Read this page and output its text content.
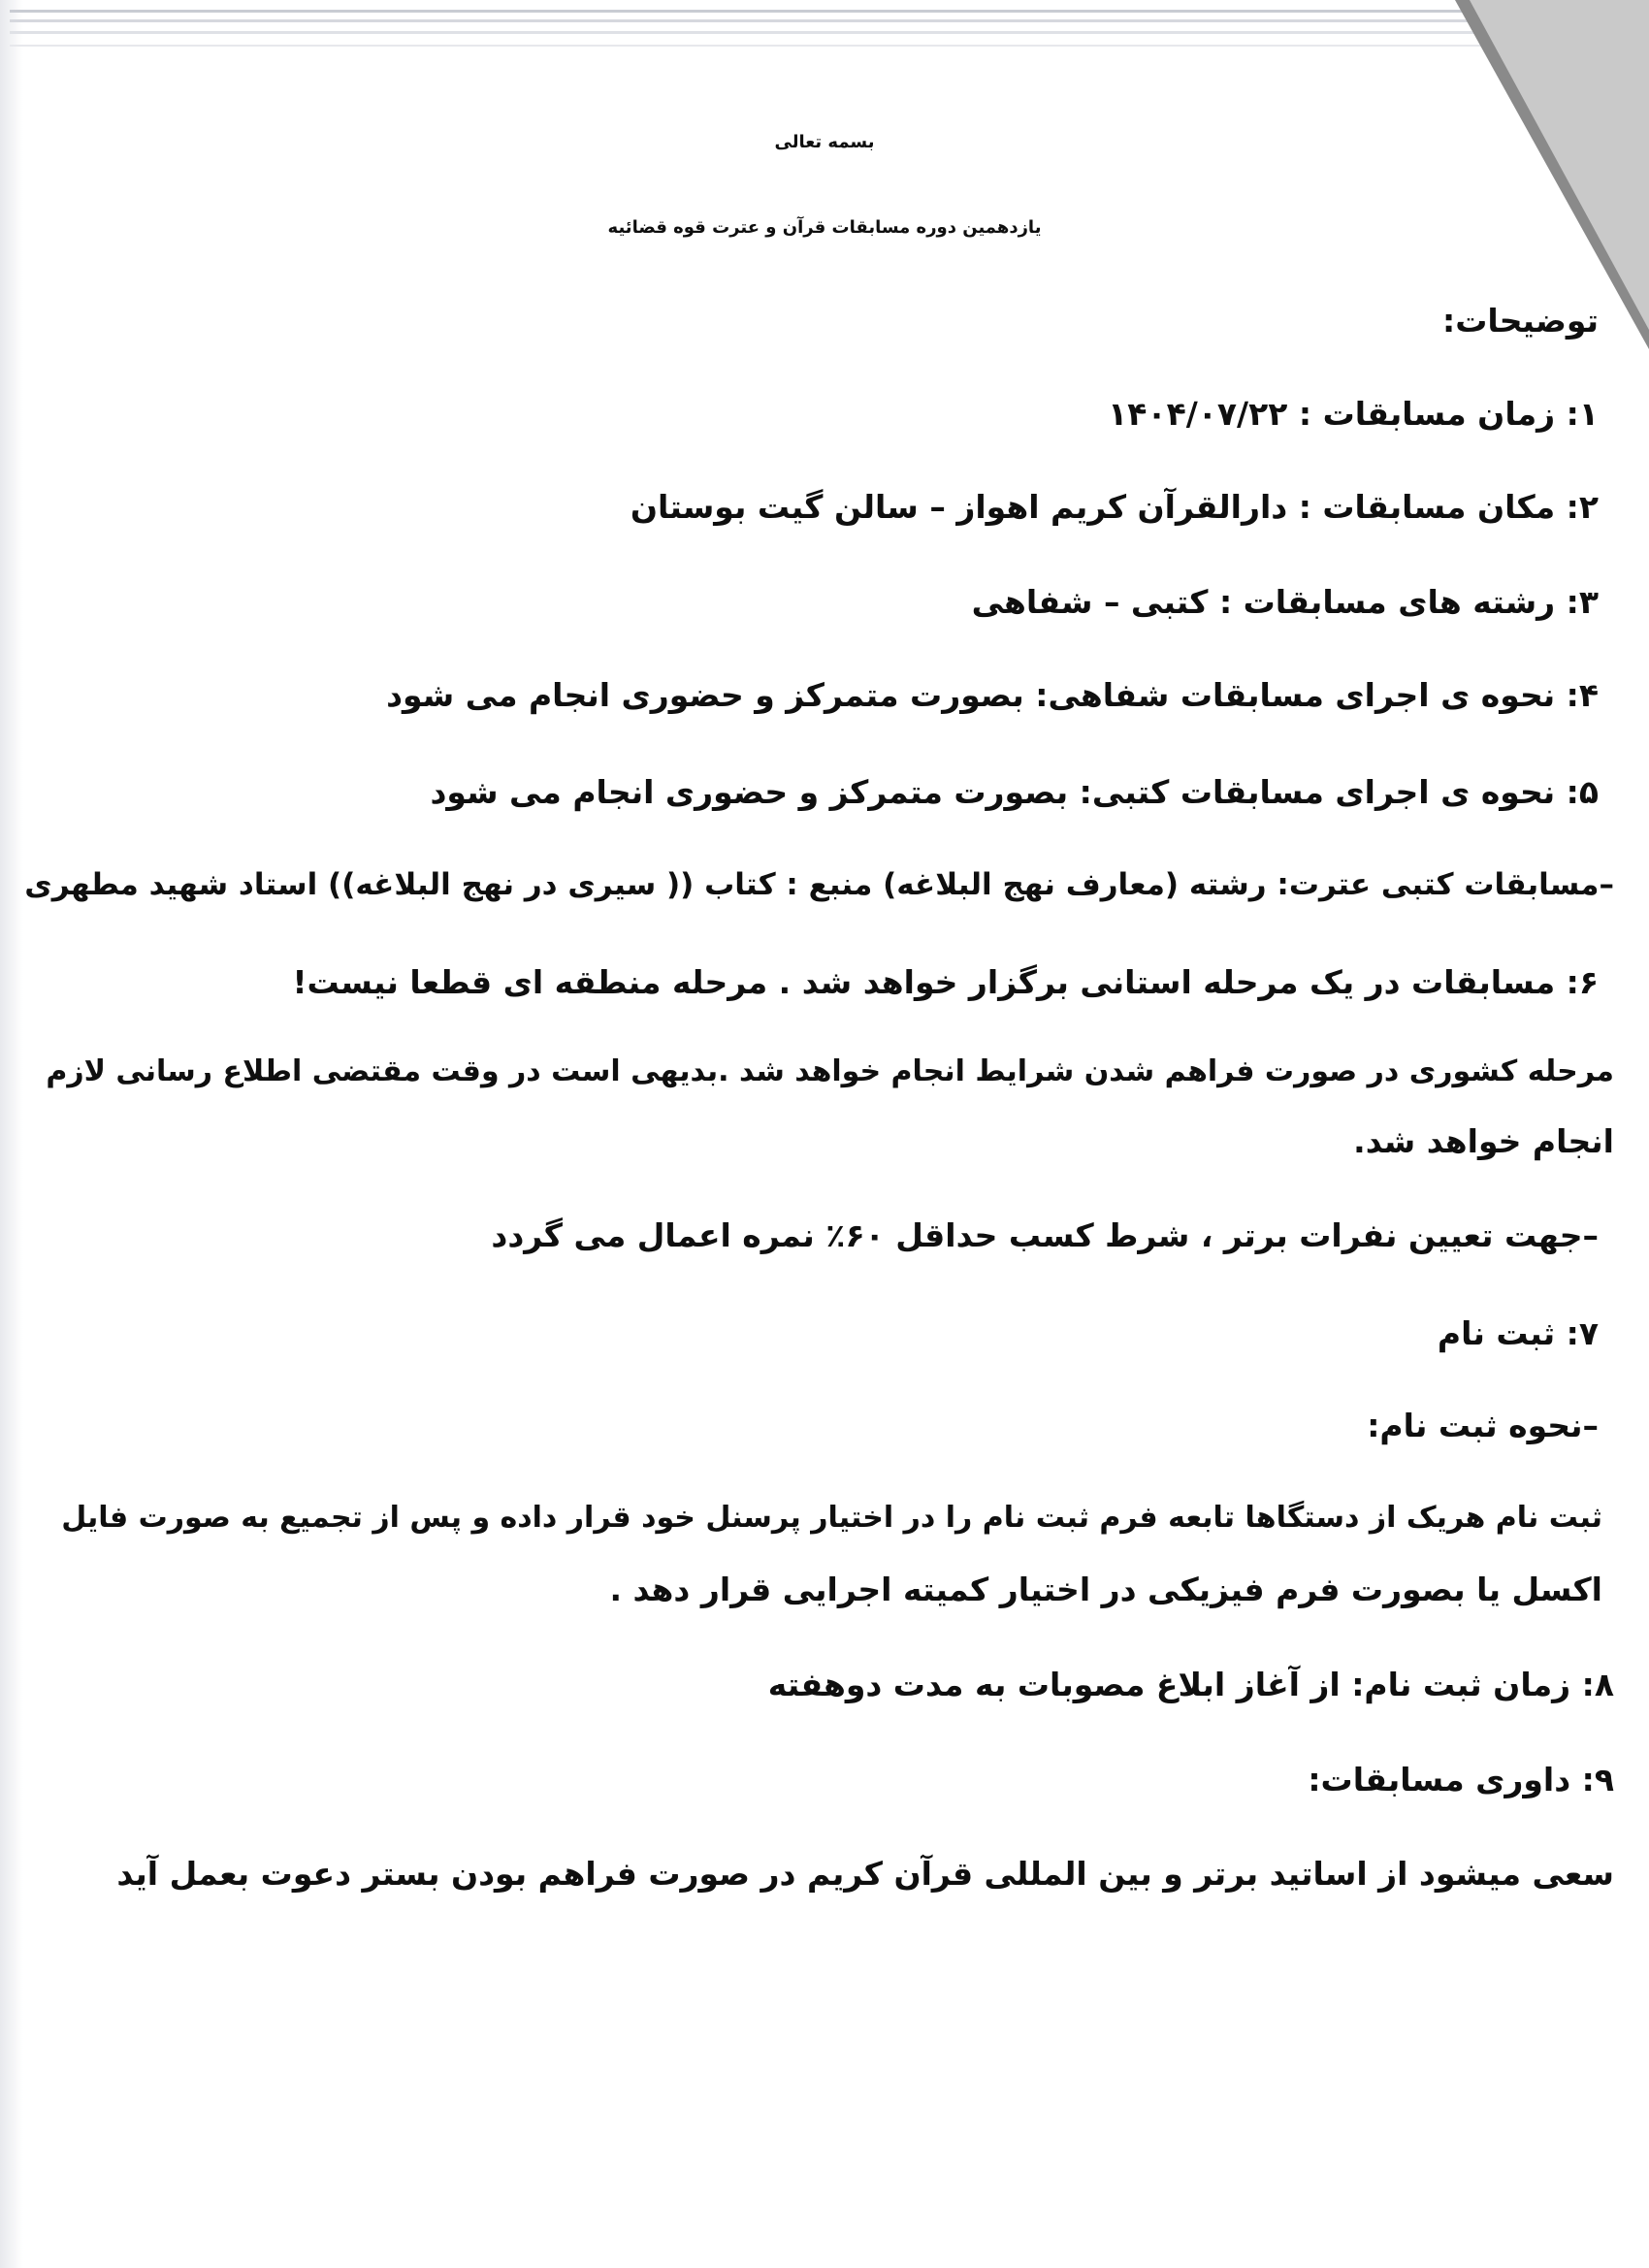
بسمه تعالی
یازدهمین دوره مسابقات قرآن و عترت قوه قضائیه
توضیحات:
۱: زمان مسابقات : ۱۴۰۴/۰۷/۲۲
۲: مکان مسابقات : دارالقرآن کریم اهواز – سالن گیت بوستان
۳: رشته های مسابقات : کتبی – شفاهی
۴: نحوه ی اجرای مسابقات شفاهی: بصورت متمرکز و حضوری انجام می شود
۵: نحوه ی اجرای مسابقات کتبی: بصورت متمرکز و حضوری انجام می شود
–مسابقات کتبی عترت: رشته (معارف نهج البلاغه) منبع : کتاب (( سیری در نهج البلاغه)) استاد شهید مطهری
۶: مسابقات در یک مرحله استانی برگزار خواهد شد . مرحله منطقه ای قطعا نیست!
مرحله کشوری در صورت فراهم شدن شرایط انجام خواهد شد .بدیهی است در وقت مقتضی اطلاع رسانی لازم
انجام خواهد شد.
–جهت تعیین نفرات برتر ، شرط کسب حداقل ۶۰٪ نمره اعمال می گردد
۷: ثبت نام
–نحوه ثبت نام:
ثبت نام هریک از دستگاها تابعه فرم ثبت نام را در اختیار پرسنل خود قرار داده و پس از تجمیع به صورت فایل
اکسل یا بصورت فرم فیزیکی در اختیار کمیته اجرایی قرار دهد .
۸: زمان ثبت نام: از آغاز ابلاغ مصوبات به مدت دوهفته
۹: داوری مسابقات:
سعی میشود از اساتید برتر و بین المللی قرآن کریم در صورت فراهم بودن بستر دعوت بعمل آید
